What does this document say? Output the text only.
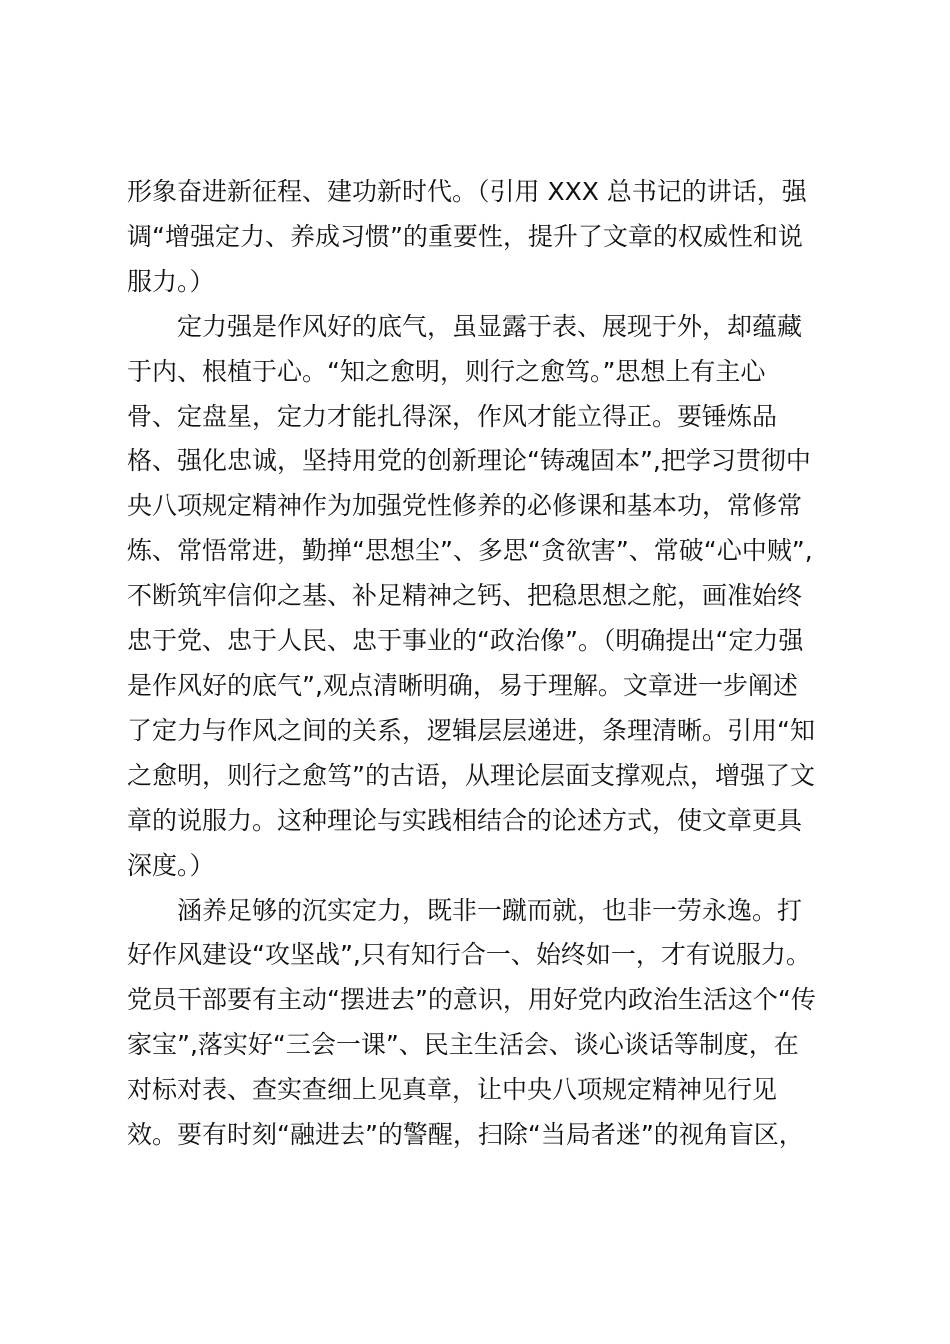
形象奋进新征程、建功新时代。（引用 XXX 总书记的讲话，强
调“增强定力、养成习惯”的重要性，提升了文章的权威性和说
服力。）

　　定力强是作风好的底气，虽显露于表、展现于外，却蕴藏
于内、根植于心。“知之愈明，则行之愈笃。”思想上有主心
骨、定盘星，定力才能扎得深，作风才能立得正。要锤炼品
格、强化忠诚，坚持用党的创新理论“铸魂固本”,把学习贯彻中
央八项规定精神作为加强党性修养的必修课和基本功，常修常
炼、常悟常进，勤掸“思想尘”、多思“贪欲害”、常破“心中贼”,
不断筑牢信仰之基、补足精神之钙、把稳思想之舵，画准始终
忠于党、忠于人民、忠于事业的“政治像”。（明确提出“定力强
是作风好的底气”,观点清晰明确，易于理解。文章进一步阐述
了定力与作风之间的关系，逻辑层层递进，条理清晰。引用“知
之愈明，则行之愈笃”的古语，从理论层面支撑观点，增强了文
章的说服力。这种理论与实践相结合的论述方式，使文章更具
深度。）

　　涵养足够的沉实定力，既非一蹴而就，也非一劳永逸。打
好作风建设“攻坚战”,只有知行合一、始终如一，才有说服力。
党员干部要有主动“摆进去”的意识，用好党内政治生活这个“传
家宝”,落实好“三会一课”、民主生活会、谈心谈话等制度，在
对标对表、查实查细上见真章，让中央八项规定精神见行见
效。要有时刻“融进去”的警醒，扫除“当局者迷”的视角盲区，
